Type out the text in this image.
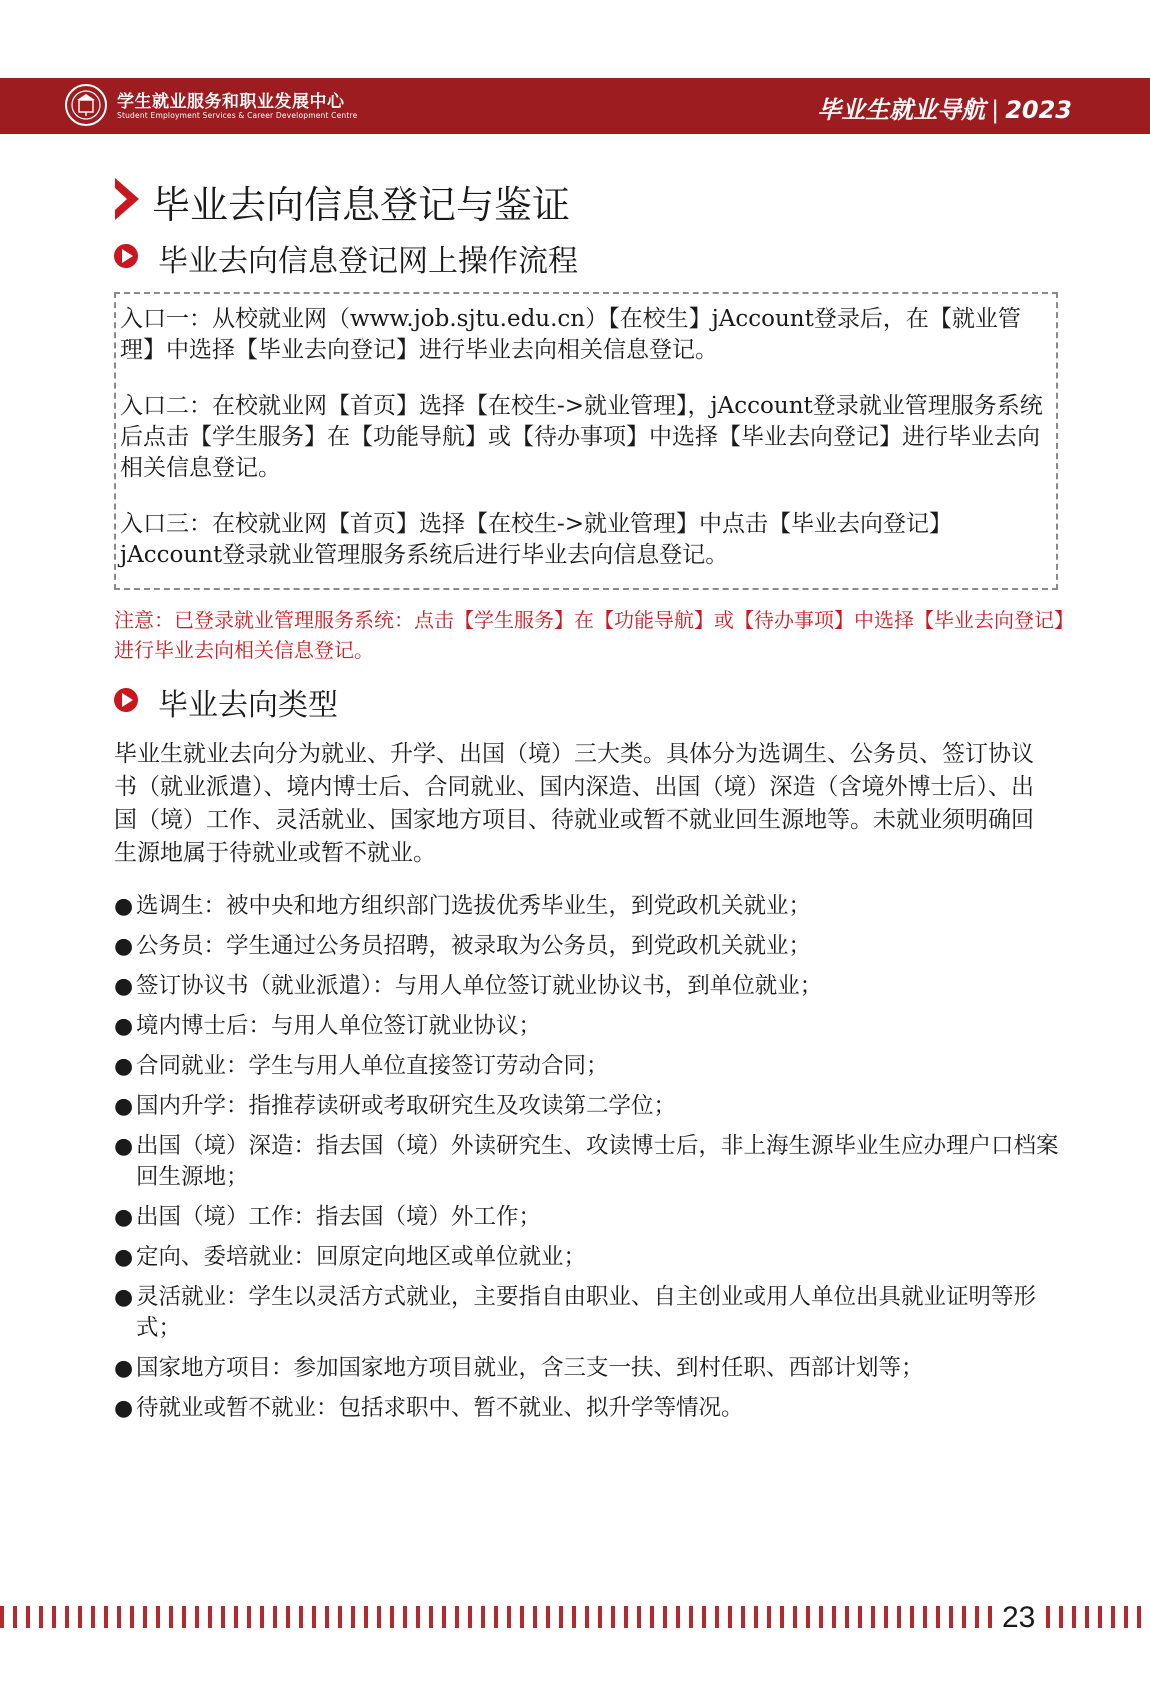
学生就业服务和职业发展中心
Student Employment Services & Career Development Centre	毕业生就业导航 | 2023
毕业去向信息登记与鉴证
毕业去向信息登记网上操作流程

入口一：从校就业网（www.job.sjtu.edu.cn）【在校生】jAccount登录后，在【就业管理】中选择【毕业去向登记】进行毕业去向相关信息登记。

入口二：在校就业网【首页】选择【在校生->就业管理】，jAccount登录就业管理服务系统后点击【学生服务】在【功能导航】或【待办事项】中选择【毕业去向登记】进行毕业去向相关信息登记。

入口三：在校就业网【首页】选择【在校生->就业管理】中点击【毕业去向登记】jAccount登录就业管理服务系统后进行毕业去向信息登记。

注意：已登录就业管理服务系统：点击【学生服务】在【功能导航】或【待办事项】中选择【毕业去向登记】进行毕业去向相关信息登记。
毕业去向类型
毕业生就业去向分为就业、升学、出国（境）三大类。具体分为选调生、公务员、签订协议书（就业派遣）、境内博士后、合同就业、国内深造、出国（境）深造（含境外博士后）、出国（境）工作、灵活就业、国家地方项目、待就业或暂不就业回生源地等。未就业须明确回生源地属于待就业或暂不就业。
● 选调生：被中央和地方组织部门选拔优秀毕业生，到党政机关就业；
● 公务员：学生通过公务员招聘，被录取为公务员，到党政机关就业；
● 签订协议书（就业派遣）：与用人单位签订就业协议书，到单位就业；
● 境内博士后：与用人单位签订就业协议；
● 合同就业：学生与用人单位直接签订劳动合同；
● 国内升学：指推荐读研或考取研究生及攻读第二学位；
● 出国（境）深造：指去国（境）外读研究生、攻读博士后，非上海生源毕业生应办理户口档案回生源地；
● 出国（境）工作：指去国（境）外工作；
● 定向、委培就业：回原定向地区或单位就业；
● 灵活就业：学生以灵活方式就业，主要指自由职业、自主创业或用人单位出具就业证明等形式；
● 国家地方项目：参加国家地方项目就业，含三支一扶、到村任职、西部计划等；
● 待就业或暂不就业：包括求职中、暂不就业、拟升学等情况。
23
